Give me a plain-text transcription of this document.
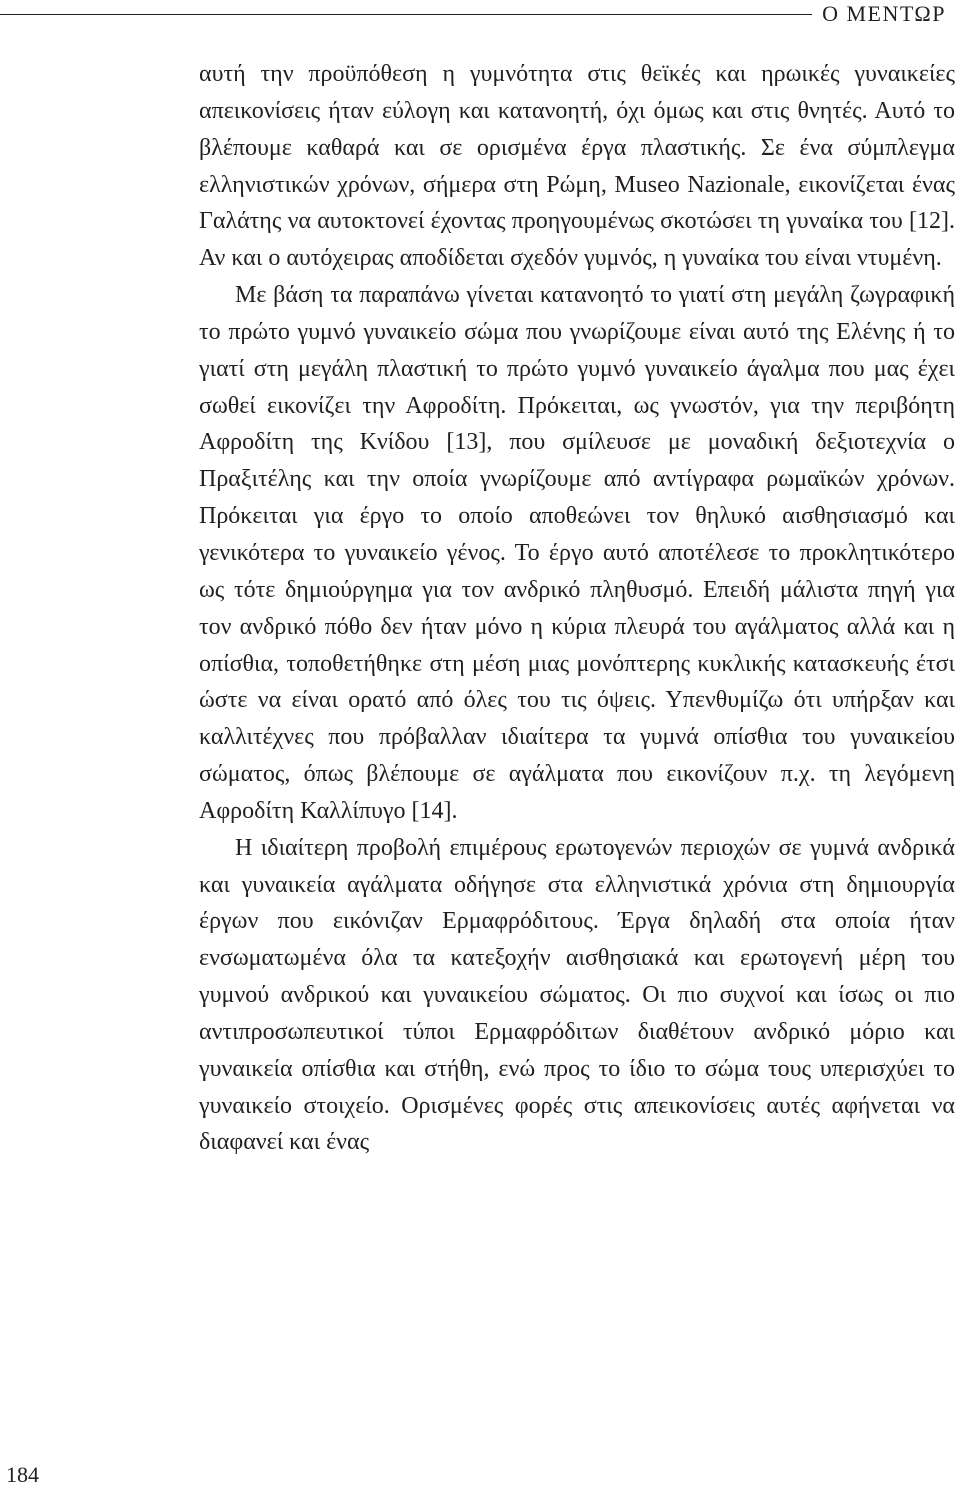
Ο ΜΕΝΤΩΡ

αυτή την προϋπόθεση η γυμνότητα στις θεϊκές και ηρωικές γυναικείες απεικονίσεις ήταν εύλογη και κατανοητή, όχι όμως και στις θνητές. Αυτό το βλέπουμε καθαρά και σε ορισμένα έργα πλαστικής. Σε ένα σύμπλεγμα ελληνιστικών χρόνων, σήμερα στη Ρώμη, Museo Nazionale, εικονίζεται ένας Γαλάτης να αυτοκτονεί έχοντας προηγουμένως σκοτώσει τη γυναίκα του [12]. Αν και ο αυτόχειρας αποδίδεται σχεδόν γυμνός, η γυναίκα του είναι ντυμένη.

Με βάση τα παραπάνω γίνεται κατανοητό το γιατί στη μεγάλη ζωγραφική το πρώτο γυμνό γυναικείο σώμα που γνωρίζουμε είναι αυτό της Ελένης ή το γιατί στη μεγάλη πλαστική το πρώτο γυμνό γυναικείο άγαλμα που μας έχει σωθεί εικονίζει την Αφροδίτη. Πρόκειται, ως γνωστόν, για την περιβόητη Αφροδίτη της Κνίδου [13], που σμίλευσε με μοναδική δεξιοτεχνία ο Πραξιτέλης και την οποία γνωρίζουμε από αντίγραφα ρωμαϊκών χρόνων. Πρόκειται για έργο το οποίο αποθεώνει τον θηλυκό αισθησιασμό και γενικότερα το γυναικείο γένος. Το έργο αυτό αποτέλεσε το προκλητικότερο ως τότε δημιούργημα για τον ανδρικό πληθυσμό. Επειδή μάλιστα πηγή για τον ανδρικό πόθο δεν ήταν μόνο η κύρια πλευρά του αγάλματος αλλά και η οπίσθια, τοποθετήθηκε στη μέση μιας μονόπτερης κυκλικής κατασκευής έτσι ώστε να είναι ορατό από όλες του τις όψεις. Υπενθυμίζω ότι υπήρξαν και καλλιτέχνες που πρόβαλλαν ιδιαίτερα τα γυμνά οπίσθια του γυναικείου σώματος, όπως βλέπουμε σε αγάλματα που εικονίζουν π.χ. τη λεγόμενη Αφροδίτη Καλλίπυγο [14].

Η ιδιαίτερη προβολή επιμέρους ερωτογενών περιοχών σε γυμνά ανδρικά και γυναικεία αγάλματα οδήγησε στα ελληνιστικά χρόνια στη δημιουργία έργων που εικόνιζαν Ερμαφρόδιτους. Έργα δηλαδή στα οποία ήταν ενσωματωμένα όλα τα κατεξοχήν αισθησιακά και ερωτογενή μέρη του γυμνού ανδρικού και γυναικείου σώματος. Οι πιο συχνοί και ίσως οι πιο αντιπροσωπευτικοί τύποι Ερμαφρόδιτων διαθέτουν ανδρικό μόριο και γυναικεία οπίσθια και στήθη, ενώ προς το ίδιο το σώμα τους υπερισχύει το γυναικείο στοιχείο. Ορισμένες φορές στις απεικονίσεις αυτές αφήνεται να διαφανεί και ένας

184
